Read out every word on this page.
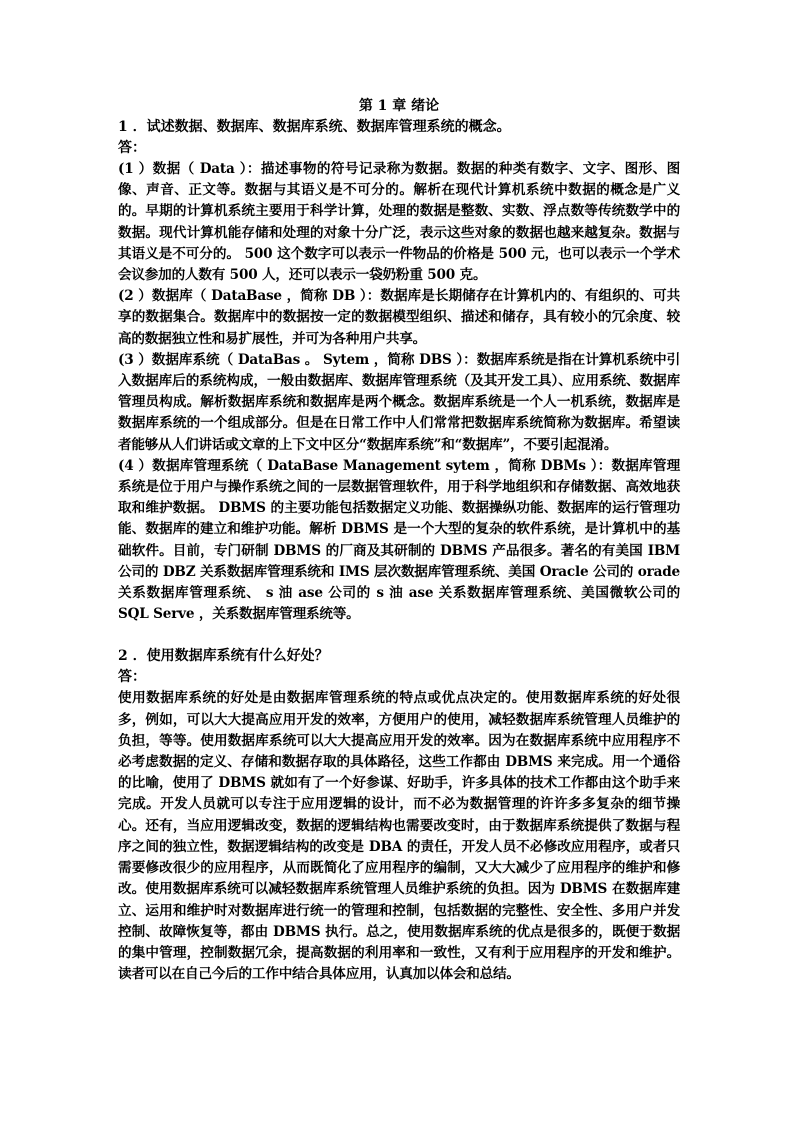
第 1 章 绪论

1 ．试述数据、数据库、数据库系统、数据库管理系统的概念。

答：

(1 ）数据（ Data ）：描述事物的符号记录称为数据。数据的种类有数字、文字、图形、图像、声音、正文等。数据与其语义是不可分的。解析在现代计算机系统中数据的概念是广义的。早期的计算机系统主要用于科学计算，处理的数据是整数、实数、浮点数等传统数学中的数据。现代计算机能存储和处理的对象十分广泛，表示这些对象的数据也越来越复杂。数据与其语义是不可分的。 500 这个数字可以表示一件物品的价格是 500 元，也可以表示一个学术会议参加的人数有 500 人，还可以表示一袋奶粉重 500 克。

(2 ）数据库（ DataBase ，简称 DB ）：数据库是长期储存在计算机内的、有组织的、可共享的数据集合。数据库中的数据按一定的数据模型组织、描述和储存，具有较小的冗余度、较高的数据独立性和易扩展性，并可为各种用户共享。

(3 ）数据库系统（ DataBas 。 Sytem ，简称 DBS ）：数据库系统是指在计算机系统中引入数据库后的系统构成，一般由数据库、数据库管理系统（及其开发工具）、应用系统、数据库管理员构成。解析数据库系统和数据库是两个概念。数据库系统是一个人一机系统，数据库是数据库系统的一个组成部分。但是在日常工作中人们常常把数据库系统简称为数据库。希望读者能够从人们讲话或文章的上下文中区分“数据库系统”和“数据库”，不要引起混淆。

(4 ）数据库管理系统（ DataBase Management sytem ，简称 DBMs ）：数据库管理系统是位于用户与操作系统之间的一层数据管理软件，用于科学地组织和存储数据、高效地获取和维护数据。 DBMS 的主要功能包括数据定义功能、数据操纵功能、数据库的运行管理功能、数据库的建立和维护功能。解析 DBMS 是一个大型的复杂的软件系统，是计算机中的基础软件。目前，专门研制 DBMS 的厂商及其研制的 DBMS 产品很多。著名的有美国 IBM 公司的 DBZ 关系数据库管理系统和 IMS 层次数据库管理系统、美国 Oracle 公司的 orade 关系数据库管理系统、 s 油 ase 公司的 s 油 ase 关系数据库管理系统、美国微软公司的 SQL Serve ，关系数据库管理系统等。

2 ．使用数据库系统有什么好处？

答：

使用数据库系统的好处是由数据库管理系统的特点或优点决定的。使用数据库系统的好处很多，例如，可以大大提高应用开发的效率，方便用户的使用，减轻数据库系统管理人员维护的负担，等等。使用数据库系统可以大大提高应用开发的效率。因为在数据库系统中应用程序不必考虑数据的定义、存储和数据存取的具体路径，这些工作都由 DBMS 来完成。用一个通俗的比喻，使用了 DBMS 就如有了一个好参谋、好助手，许多具体的技术工作都由这个助手来完成。开发人员就可以专注于应用逻辑的设计，而不必为数据管理的许许多多复杂的细节操心。还有，当应用逻辑改变，数据的逻辑结构也需要改变时，由于数据库系统提供了数据与程序之间的独立性，数据逻辑结构的改变是 DBA 的责任，开发人员不必修改应用程序，或者只需要修改很少的应用程序，从而既简化了应用程序的编制，又大大减少了应用程序的维护和修改。使用数据库系统可以减轻数据库系统管理人员维护系统的负担。因为 DBMS 在数据库建立、运用和维护时对数据库进行统一的管理和控制，包括数据的完整性、安全性、多用户并发控制、故障恢复等，都由 DBMS 执行。总之，使用数据库系统的优点是很多的，既便于数据的集中管理，控制数据冗余，提高数据的利用率和一致性，又有利于应用程序的开发和维护。读者可以在自己今后的工作中结合具体应用，认真加以体会和总结。
